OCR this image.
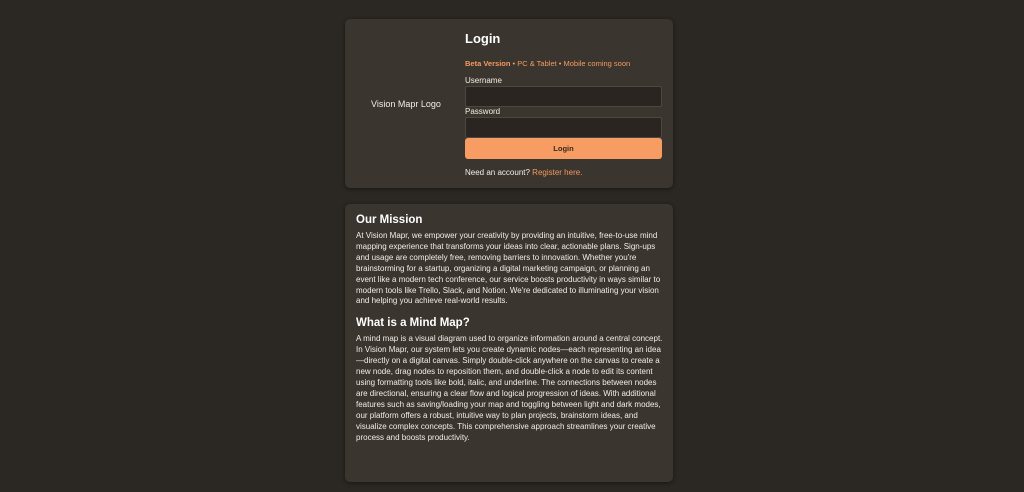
Vision Mapr Logo
Login
Beta Version • PC & Tablet • Mobile coming soon
Username
Password
Login
Need an account? Register here.
Our Mission

At Vision Mapr, we empower your creativity by providing an intuitive, free-to-use mind mapping experience that transforms your ideas into clear, actionable plans. Sign-ups and usage are completely free, removing barriers to innovation. Whether you're brainstorming for a startup, organizing a digital marketing campaign, or planning an event like a modern tech conference, our service boosts productivity in ways similar to modern tools like Trello, Slack, and Notion. We're dedicated to illuminating your vision and helping you achieve real-world results.

What is a Mind Map?

A mind map is a visual diagram used to organize information around a central concept. In Vision Mapr, our system lets you create dynamic nodes—each representing an idea—directly on a digital canvas. Simply double-click anywhere on the canvas to create a new node, drag nodes to reposition them, and double-click a node to edit its content using formatting tools like bold, italic, and underline. The connections between nodes are directional, ensuring a clear flow and logical progression of ideas. With additional features such as saving/loading your map and toggling between light and dark modes, our platform offers a robust, intuitive way to plan projects, brainstorm ideas, and visualize complex concepts. This comprehensive approach streamlines your creative process and boosts productivity.
